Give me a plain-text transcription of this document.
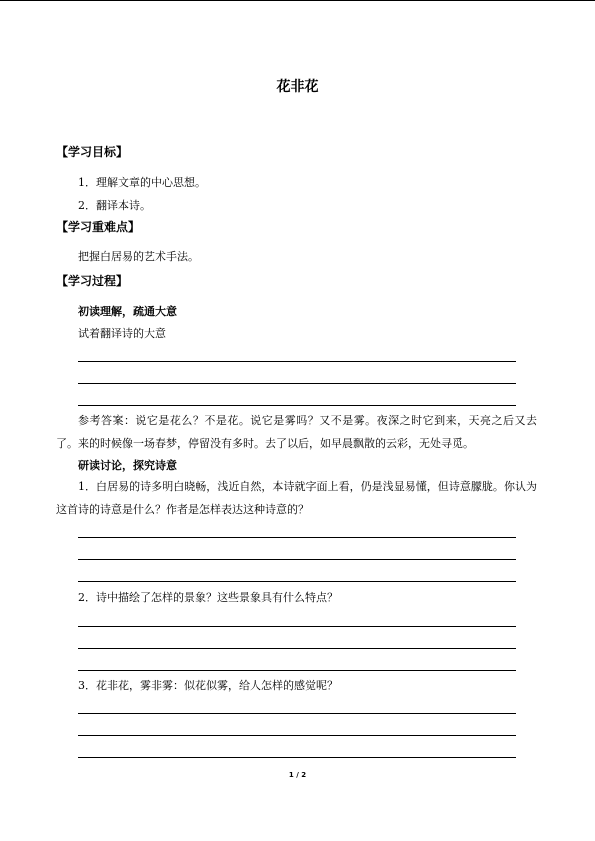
花非花
【学习目标】
1．理解文章的中心思想。
2．翻译本诗。
【学习重难点】
把握白居易的艺术手法。
【学习过程】
初读理解，疏通大意
试着翻译诗的大意

参考答案：说它是花么？不是花。说它是雾吗？又不是雾。夜深之时它到来，天亮之后又去了。来的时候像一场春梦，停留没有多时。去了以后，如早晨飘散的云彩，无处寻觅。

研读讨论，探究诗意

1．白居易的诗多明白晓畅，浅近自然，本诗就字面上看，仍是浅显易懂，但诗意朦胧。你认为这首诗的诗意是什么？作者是怎样表达这种诗意的？

2．诗中描绘了怎样的景象？这些景象具有什么特点？
3．花非花，雾非雾：似花似雾，给人怎样的感觉呢？
1 / 2
